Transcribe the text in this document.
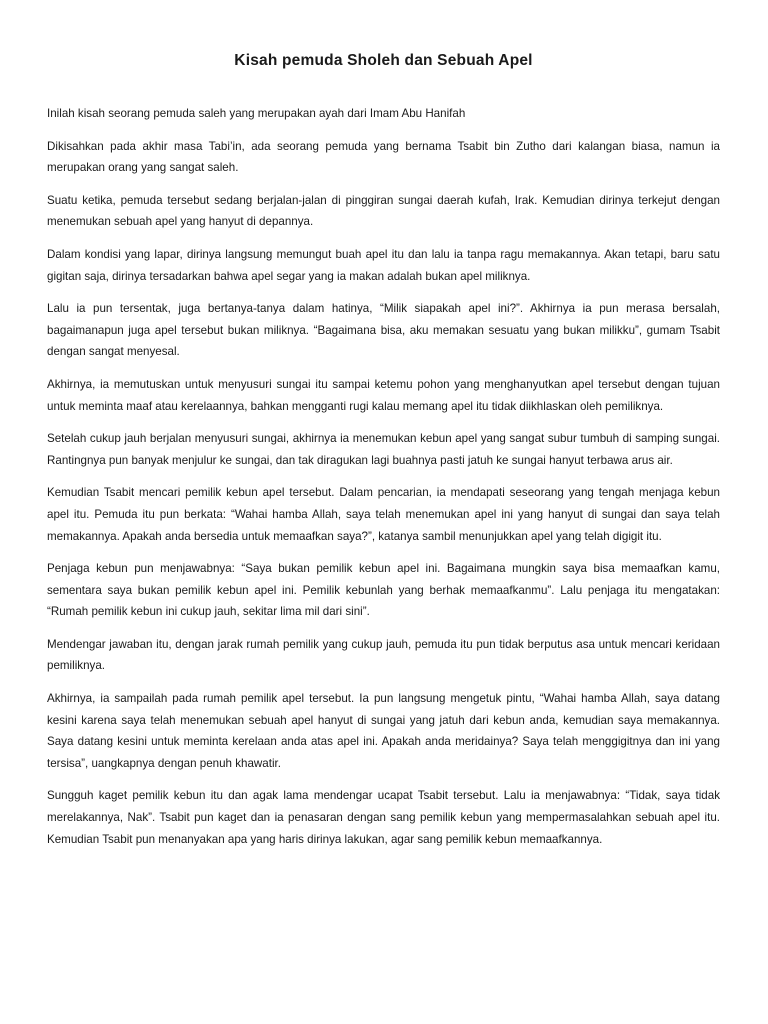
Kisah pemuda Sholeh dan Sebuah Apel

Inilah kisah seorang pemuda saleh yang merupakan ayah dari Imam Abu Hanifah

Dikisahkan pada akhir masa Tabi’in, ada seorang pemuda yang bernama Tsabit bin Zutho dari kalangan biasa, namun ia merupakan orang yang sangat saleh.

Suatu ketika, pemuda tersebut sedang berjalan-jalan di pinggiran sungai daerah kufah, Irak. Kemudian dirinya terkejut dengan menemukan sebuah apel yang hanyut di depannya.

Dalam kondisi yang lapar, dirinya langsung memungut buah apel itu dan lalu ia tanpa ragu memakannya. Akan tetapi, baru satu gigitan saja, dirinya tersadarkan bahwa apel segar yang ia makan adalah bukan apel miliknya.

Lalu ia pun tersentak, juga bertanya-tanya dalam hatinya, “Milik siapakah apel ini?”. Akhirnya ia pun merasa bersalah, bagaimanapun juga apel tersebut bukan miliknya. “Bagaimana bisa, aku memakan sesuatu yang bukan milikku”, gumam Tsabit dengan sangat menyesal.

Akhirnya, ia memutuskan untuk menyusuri sungai itu sampai ketemu pohon yang menghanyutkan apel tersebut dengan tujuan untuk meminta maaf atau kerelaannya, bahkan mengganti rugi kalau memang apel itu tidak diikhlaskan oleh pemiliknya.

Setelah cukup jauh berjalan menyusuri sungai, akhirnya ia menemukan kebun apel yang sangat subur tumbuh di samping sungai. Rantingnya pun banyak menjulur ke sungai, dan tak diragukan lagi buahnya pasti jatuh ke sungai hanyut terbawa arus air.

Kemudian Tsabit mencari pemilik kebun apel tersebut. Dalam pencarian, ia mendapati seseorang yang tengah menjaga kebun apel itu. Pemuda itu pun berkata: “Wahai hamba Allah, saya telah menemukan apel ini yang hanyut di sungai dan saya telah memakannya. Apakah anda bersedia untuk memaafkan saya?”, katanya sambil menunjukkan apel yang telah digigit itu.

Penjaga kebun pun menjawabnya: “Saya bukan pemilik kebun apel ini. Bagaimana mungkin saya bisa memaafkan kamu, sementara saya bukan pemilik kebun apel ini. Pemilik kebunlah yang berhak memaafkanmu”. Lalu penjaga itu mengatakan: “Rumah pemilik kebun ini cukup jauh, sekitar lima mil dari sini”.

Mendengar jawaban itu, dengan jarak rumah pemilik yang cukup jauh, pemuda itu pun tidak berputus asa untuk mencari keridaan pemiliknya.

Akhirnya, ia sampailah pada rumah pemilik apel tersebut. Ia pun langsung mengetuk pintu, “Wahai hamba Allah, saya datang kesini karena saya telah menemukan sebuah apel hanyut di sungai yang jatuh dari kebun anda, kemudian saya memakannya. Saya datang kesini untuk meminta kerelaan anda atas apel ini. Apakah anda meridainya? Saya telah menggigitnya dan ini yang tersisa”, uangkapnya dengan penuh khawatir.

Sungguh kaget pemilik kebun itu dan agak lama mendengar ucapat Tsabit tersebut. Lalu ia menjawabnya: “Tidak, saya tidak merelakannya, Nak”. Tsabit pun kaget dan ia penasaran dengan sang pemilik kebun yang mempermasalahkan sebuah apel itu. Kemudian Tsabit pun menanyakan apa yang haris dirinya lakukan, agar sang pemilik kebun memaafkannya.
